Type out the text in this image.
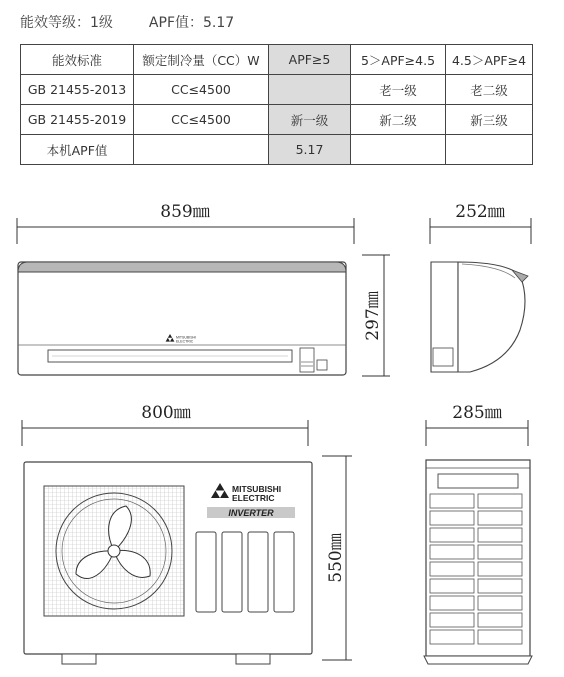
能效等级：1级	APF值：5.17
能效标准	额定制冷量（CC）W	APF≥5	5＞APF≥4.5	4.5＞APF≥4
GB 21455-2013	CC≤4500		老一级	老二级
GB 21455-2019	CC≤4500	新一级	新二级	新三级
本机APF值		5.17		
859㎜
MITSUBISHI
ELECTRIC
297㎜
252㎜
800㎜
MITSUBISHI
ELECTRIC
INVERTER
550㎜
285㎜
